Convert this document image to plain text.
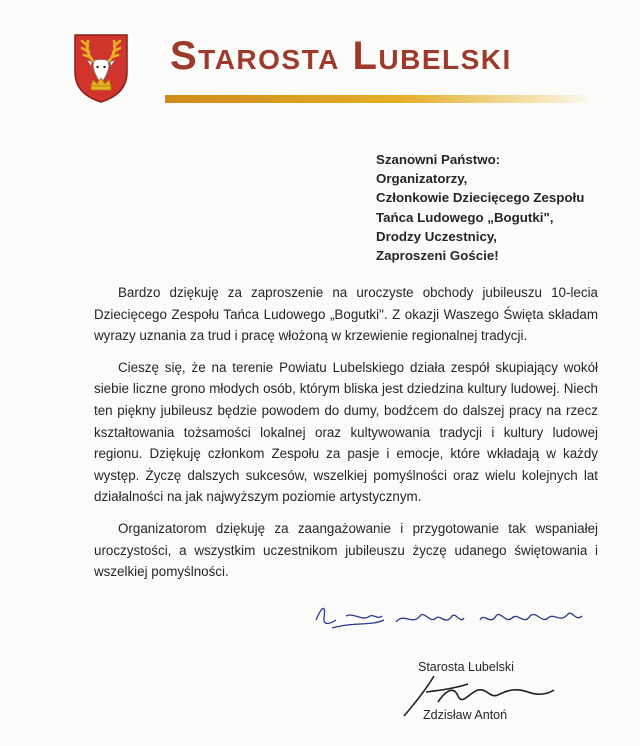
Starosta Lubelski
Szanowni Państwo:
Organizatorzy,
Członkowie Dziecięcego Zespołu
Tańca Ludowego „Bogutki",
Drodzy Uczestnicy,
Zaproszeni Goście!

Bardzo dziękuję za zaproszenie na uroczyste obchody jubileuszu 10-lecia Dziecięcego Zespołu Tańca Ludowego „Bogutki". Z okazji Waszego Święta składam wyrazy uznania za trud i pracę włożoną w krzewienie regionalnej tradycji.

Cieszę się, że na terenie Powiatu Lubelskiego działa zespół skupiający wokół siebie liczne grono młodych osób, którym bliska jest dziedzina kultury ludowej. Niech ten piękny jubileusz będzie powodem do dumy, bodźcem do dalszej pracy na rzecz kształtowania tożsamości lokalnej oraz kultywowania tradycji i kultury ludowej regionu. Dziękuję członkom Zespołu za pasje i emocje, które wkładają w każdy występ. Życzę dalszych sukcesów, wszelkiej pomyślności oraz wielu kolejnych lat działalności na jak najwyższym poziomie artystycznym.

Organizatorom dziękuję za zaangażowanie i przygotowanie tak wspaniałej uroczystości, a wszystkim uczestnikom jubileuszu życzę udanego świętowania i wszelkiej pomyślności.

Starosta Lubelski
Zdzisław Antoń
